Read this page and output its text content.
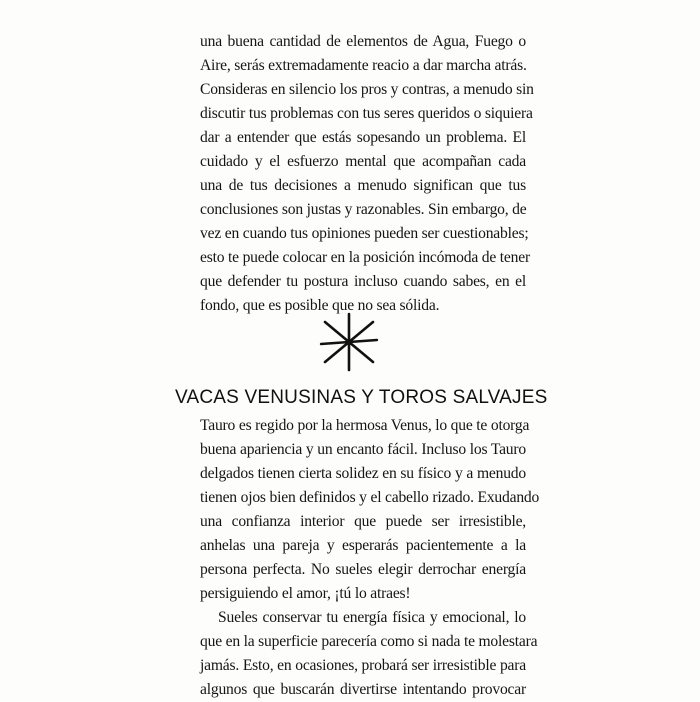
una buena cantidad de elementos de Agua, Fuego o
Aire, serás extremadamente reacio a dar marcha atrás.
Consideras en silencio los pros y contras, a menudo sin
discutir tus problemas con tus seres queridos o siquiera
dar a entender que estás sopesando un problema. El
cuidado y el esfuerzo mental que acompañan cada
una de tus decisiones a menudo significan que tus
conclusiones son justas y razonables. Sin embargo, de
vez en cuando tus opiniones pueden ser cuestionables;
esto te puede colocar en la posición incómoda de tener
que defender tu postura incluso cuando sabes, en el
fondo, que es posible que no sea sólida.
VACAS VENUSINAS Y TOROS SALVAJES
Tauro es regido por la hermosa Venus, lo que te otorga
buena apariencia y un encanto fácil. Incluso los Tauro
delgados tienen cierta solidez en su físico y a menudo
tienen ojos bien definidos y el cabello rizado. Exudando
una confianza interior que puede ser irresistible,
anhelas una pareja y esperarás pacientemente a la
persona perfecta. No sueles elegir derrochar energía
persiguiendo el amor, ¡tú lo atraes!
Sueles conservar tu energía física y emocional, lo
que en la superficie parecería como si nada te molestara
jamás. Esto, en ocasiones, probará ser irresistible para
algunos que buscarán divertirse intentando provocar
